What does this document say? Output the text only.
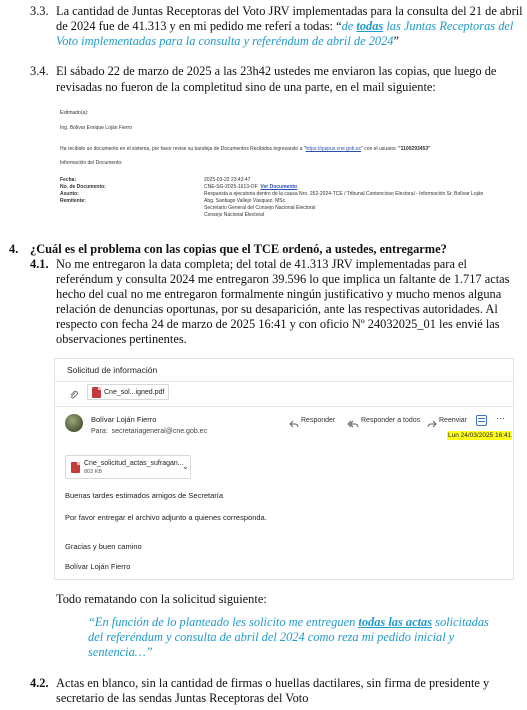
3.3. La cantidad de Juntas Receptoras del Voto JRV implementadas para la consulta del 21 de abril
de 2024 fue de 41.313 y en mi pedido me referí a todas: “de todas las Juntas Receptoras del
Voto implementadas para la consulta y referéndum de abril de 2024”
3.4. El sábado 22 de marzo de 2025 a las 23h42 ustedes me enviaron las copias, que luego de
revisadas no fueron de la completitud sino de una parte, en el mail siguiente:
Estimado(a):
Ing. Bolívar Enrique Loján Fierro
Ha recibido un documento en el sistema, por favor revise su bandeja de Documentos Recibidos ingresando a "https://quipux.cne.gob.ec" con el usuario: "1100293453"
Información del Documento:
Fecha:	2025-03-22 23:43:47
No. de Documento:	CNE-SG-2025-1613-OF Ver Documento
Asunto:	Respuesta a ejecutoria dentro de la causa Nro. 262-2024-TCE / Tribunal Contencioso Electoral - Información Sr. Bolívar Loján
Remitente:	Abg. Santiago Vallejo Vásquez, MSc.
Secretario General del Consejo Nacional Electoral
Consejo Nacional Electoral
4. ¿Cuál es el problema con las copias que el TCE ordenó, a ustedes, entregarme?
4.1. No me entregaron la data completa; del total de 41.313 JRV implementadas para el
referéndum y consulta 2024 me entregaron 39.596 lo que implica un faltante de 1.717 actas
hecho del cual no me entregaron formalmente ningún justificativo y mucho menos alguna
relación de denuncias oportunas, por su desaparición, ante las respectivas autoridades. Al
respecto con fecha 24 de marzo de 2025 16:41 y con oficio Nº 24032025_01 les envié las
observaciones pertinentes.
Solicitud de información
Cne_sol...igned.pdf
Bolívar Loján Fierro
Para: secretariageneral@cne.gob.ec
Responder	Responder a todos	Reenviar	···
Lun 24/03/2025 16:41
Cne_solicitud_actas_sufragan...
803 KB
⌄
Buenas tardes estimados amigos de Secretaría
Por favor entregar el archivo adjunto a quienes corresponda.
Gracias y buen camino
Bolívar Loján Fierro
Todo rematando con la solicitud siguiente:
“En función de lo planteado les solicito me entreguen todas las actas solicitadas
del referéndum y consulta de abril del 2024 como reza mi pedido inicial y
sentencia…”
4.2. Actas en blanco, sin la cantidad de firmas o huellas dactilares, sin firma de presidente y
secretario de las sendas Juntas Receptoras del Voto
